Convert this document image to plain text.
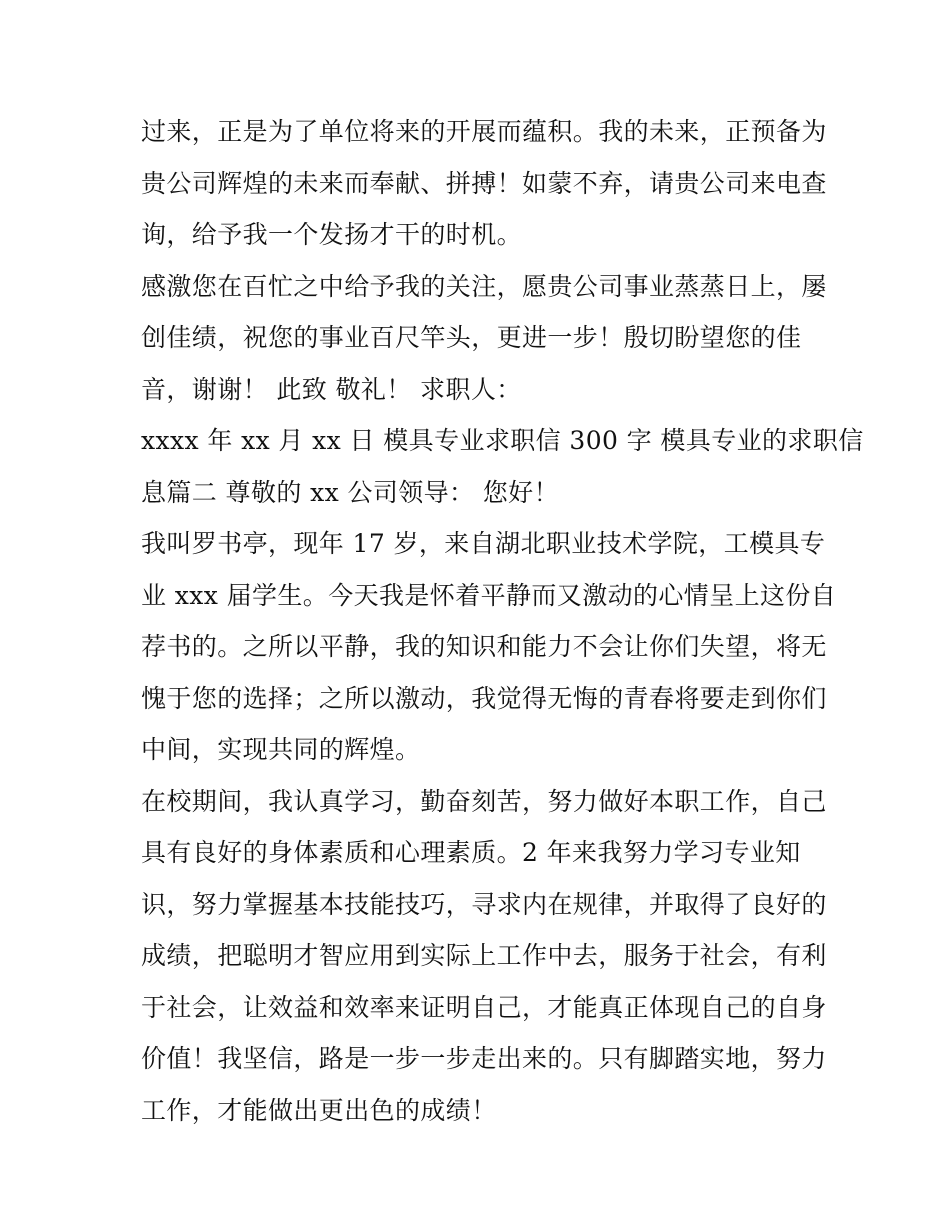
过来，正是为了单位将来的开展而蕴积。我的未来，正预备为
贵公司辉煌的未来而奉献、拼搏！如蒙不弃，请贵公司来电查
询，给予我一个发扬才干的时机。
感激您在百忙之中给予我的关注，愿贵公司事业蒸蒸日上，屡
创佳绩，祝您的事业百尺竿头，更进一步！殷切盼望您的佳
音，谢谢！ 此致 敬礼！ 求职人：
xxxx 年 xx 月 xx 日 模具专业求职信 300 字 模具专业的求职信
息篇二 尊敬的 xx 公司领导： 您好！
我叫罗书亭，现年 17 岁，来自湖北职业技术学院，工模具专
业 xxx 届学生。今天我是怀着平静而又激动的心情呈上这份自
荐书的。之所以平静，我的知识和能力不会让你们失望，将无
愧于您的选择；之所以激动，我觉得无悔的青春将要走到你们
中间，实现共同的辉煌。
在校期间，我认真学习，勤奋刻苦，努力做好本职工作，自己
具有良好的身体素质和心理素质。2 年来我努力学习专业知
识，努力掌握基本技能技巧，寻求内在规律，并取得了良好的
成绩，把聪明才智应用到实际上工作中去，服务于社会，有利
于社会，让效益和效率来证明自己，才能真正体现自己的自身
价值！我坚信，路是一步一步走出来的。只有脚踏实地，努力
工作，才能做出更出色的成绩！
